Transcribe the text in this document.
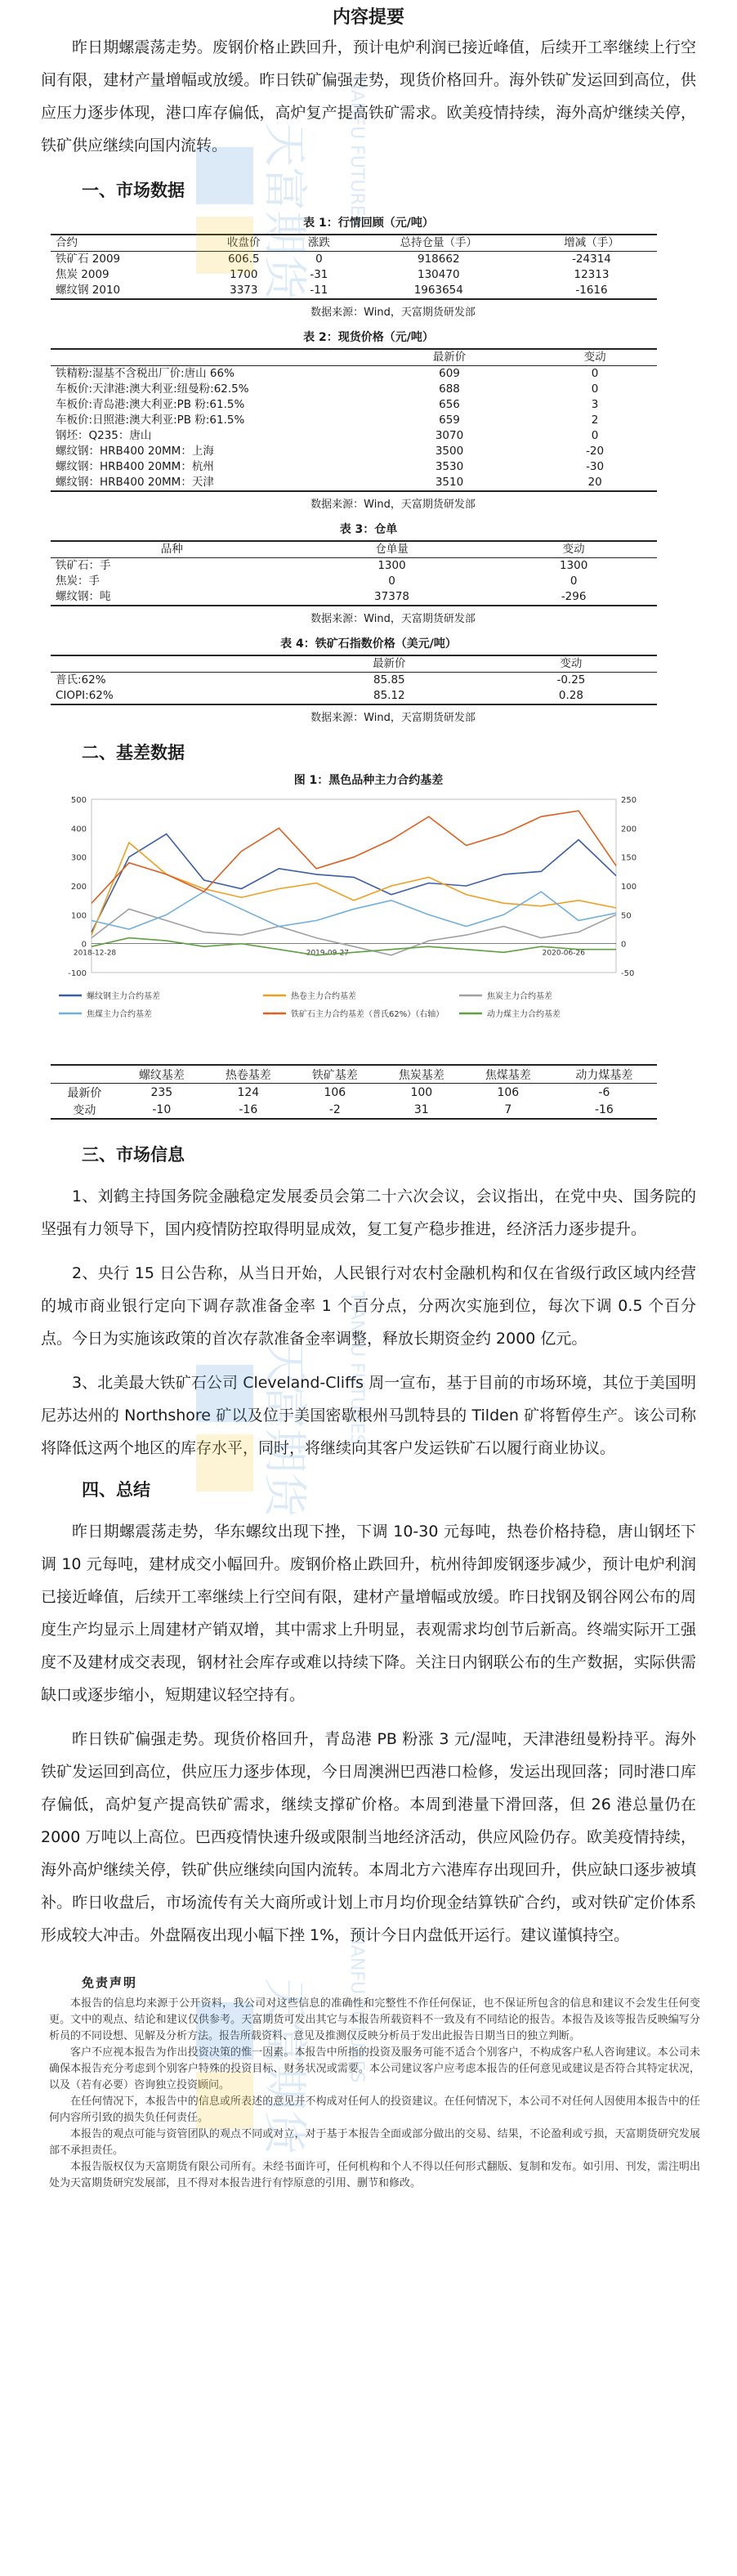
天富期货 TIANFU FUTURES
天富期货 TIANFU FUTURES
天富期货 TIANFU FUTURES
内容提要

昨日期螺震荡走势。废钢价格止跌回升，预计电炉利润已接近峰值，后续开工率继续上行空间有限，建材产量增幅或放缓。昨日铁矿偏强走势，现货价格回升。海外铁矿发运回到高位，供应压力逐步体现，港口库存偏低，高炉复产提高铁矿需求。欧美疫情持续，海外高炉继续关停，铁矿供应继续向国内流转。

一、市场数据
表 1：行情回顾（元/吨）
合约	收盘价	涨跌	总持仓量（手）	增减（手）
铁矿石 2009	606.5	0	918662	-24314
焦炭 2009	1700	-31	130470	12313
螺纹钢 2010	3373	-11	1963654	-1616
数据来源：Wind，天富期货研发部
表 2：现货价格（元/吨）
	最新价	变动
铁精粉:湿基不含税出厂价:唐山 66%	609	0
车板价:天津港:澳大利亚:纽曼粉:62.5%	688	0
车板价:青岛港:澳大利亚:PB 粉:61.5%	656	3
车板价:日照港:澳大利亚:PB 粉:61.5%	659	2
钢坯：Q235：唐山	3070	0
螺纹钢：HRB400 20MM：上海	3500	-20
螺纹钢：HRB400 20MM：杭州	3530	-30
螺纹钢：HRB400 20MM：天津	3510	20
数据来源：Wind，天富期货研发部
表 3：仓单
品种	仓单量	变动
铁矿石：手	1300	1300
焦炭：手	0	0
螺纹钢：吨	37378	-296
数据来源：Wind，天富期货研发部
表 4：铁矿石指数价格（美元/吨）
	最新价	变动
普氏:62%	85.85	-0.25
CIOPI:62%	85.12	0.28
数据来源：Wind，天富期货研发部
二、基差数据
图 1：黑色品种主力合约基差
-100
0
100
200
300
400
500
-50
0
50
100
150
200
250
2018-12-28	2019-09-27	2020-06-26
螺纹钢主力合约基差	热卷主力合约基差	焦炭主力合约基差
焦煤主力合约基差	铁矿石主力合约基差（普氏62%）（右轴）	动力煤主力合约基差
	螺纹基差	热卷基差	铁矿基差	焦炭基差	焦煤基差	动力煤基差
最新价	235	124	106	100	106	-6
变动	-10	-16	-2	31	7	-16
三、市场信息

1、刘鹤主持国务院金融稳定发展委员会第二十六次会议，会议指出，在党中央、国务院的坚强有力领导下，国内疫情防控取得明显成效，复工复产稳步推进，经济活力逐步提升。

2、央行 15 日公告称，从当日开始，人民银行对农村金融机构和仅在省级行政区域内经营的城市商业银行定向下调存款准备金率 1 个百分点，分两次实施到位，每次下调 0.5 个百分点。今日为实施该政策的首次存款准备金率调整，释放长期资金约 2000 亿元。

3、北美最大铁矿石公司 Cleveland-Cliffs 周一宣布，基于目前的市场环境，其位于美国明尼苏达州的 Northshore 矿以及位于美国密歇根州马凯特县的 Tilden 矿将暂停生产。该公司称将降低这两个地区的库存水平，同时，将继续向其客户发运铁矿石以履行商业协议。

四、总结

昨日期螺震荡走势，华东螺纹出现下挫，下调 10-30 元每吨，热卷价格持稳，唐山钢坯下调 10 元每吨，建材成交小幅回升。废钢价格止跌回升，杭州待卸废钢逐步减少，预计电炉利润已接近峰值，后续开工率继续上行空间有限，建材产量增幅或放缓。昨日找钢及钢谷网公布的周度生产均显示上周建材产销双增，其中需求上升明显，表观需求均创节后新高。终端实际开工强度不及建材成交表现，钢材社会库存或难以持续下降。关注日内钢联公布的生产数据，实际供需缺口或逐步缩小，短期建议轻空持有。

昨日铁矿偏强走势。现货价格回升，青岛港 PB 粉涨 3 元/湿吨，天津港纽曼粉持平。海外铁矿发运回到高位，供应压力逐步体现，今日周澳洲巴西港口检修，发运出现回落；同时港口库存偏低，高炉复产提高铁矿需求，继续支撑矿价格。本周到港量下滑回落，但 26 港总量仍在 2000 万吨以上高位。巴西疫情快速升级或限制当地经济活动，供应风险仍存。欧美疫情持续，海外高炉继续关停，铁矿供应继续向国内流转。本周北方六港库存出现回升，供应缺口逐步被填补。昨日收盘后，市场流传有关大商所或计划上市月均价现金结算铁矿合约，或对铁矿定价体系形成较大冲击。外盘隔夜出现小幅下挫 1%，预计今日内盘低开运行。建议谨慎持空。

免责声明

本报告的信息均来源于公开资料，我公司对这些信息的准确性和完整性不作任何保证，也不保证所包含的信息和建议不会发生任何变更。文中的观点、结论和建议仅供参考。天富期货可发出其它与本报告所载资料不一致及有不同结论的报告。本报告及该等报告反映编写分析员的不同设想、见解及分析方法。报告所载资料、意见及推测仅反映分析员于发出此报告日期当日的独立判断。

客户不应视本报告为作出投资决策的惟一因素。本报告中所指的投资及服务可能不适合个别客户，不构成客户私人咨询建议。本公司未确保本报告充分考虑到个别客户特殊的投资目标、财务状况或需要。本公司建议客户应考虑本报告的任何意见或建议是否符合其特定状况，以及（若有必要）咨询独立投资顾问。

在任何情况下，本报告中的信息或所表述的意见并不构成对任何人的投资建议。在任何情况下，本公司不对任何人因使用本报告中的任何内容所引致的损失负任何责任。

本报告的观点可能与资管团队的观点不同或对立，对于基于本报告全面或部分做出的交易、结果，不论盈利或亏损，天富期货研究发展部不承担责任。

本报告版权仅为天富期货有限公司所有。未经书面许可，任何机构和个人不得以任何形式翻版、复制和发布。如引用、刊发，需注明出处为天富期货研究发展部，且不得对本报告进行有悖原意的引用、删节和修改。
